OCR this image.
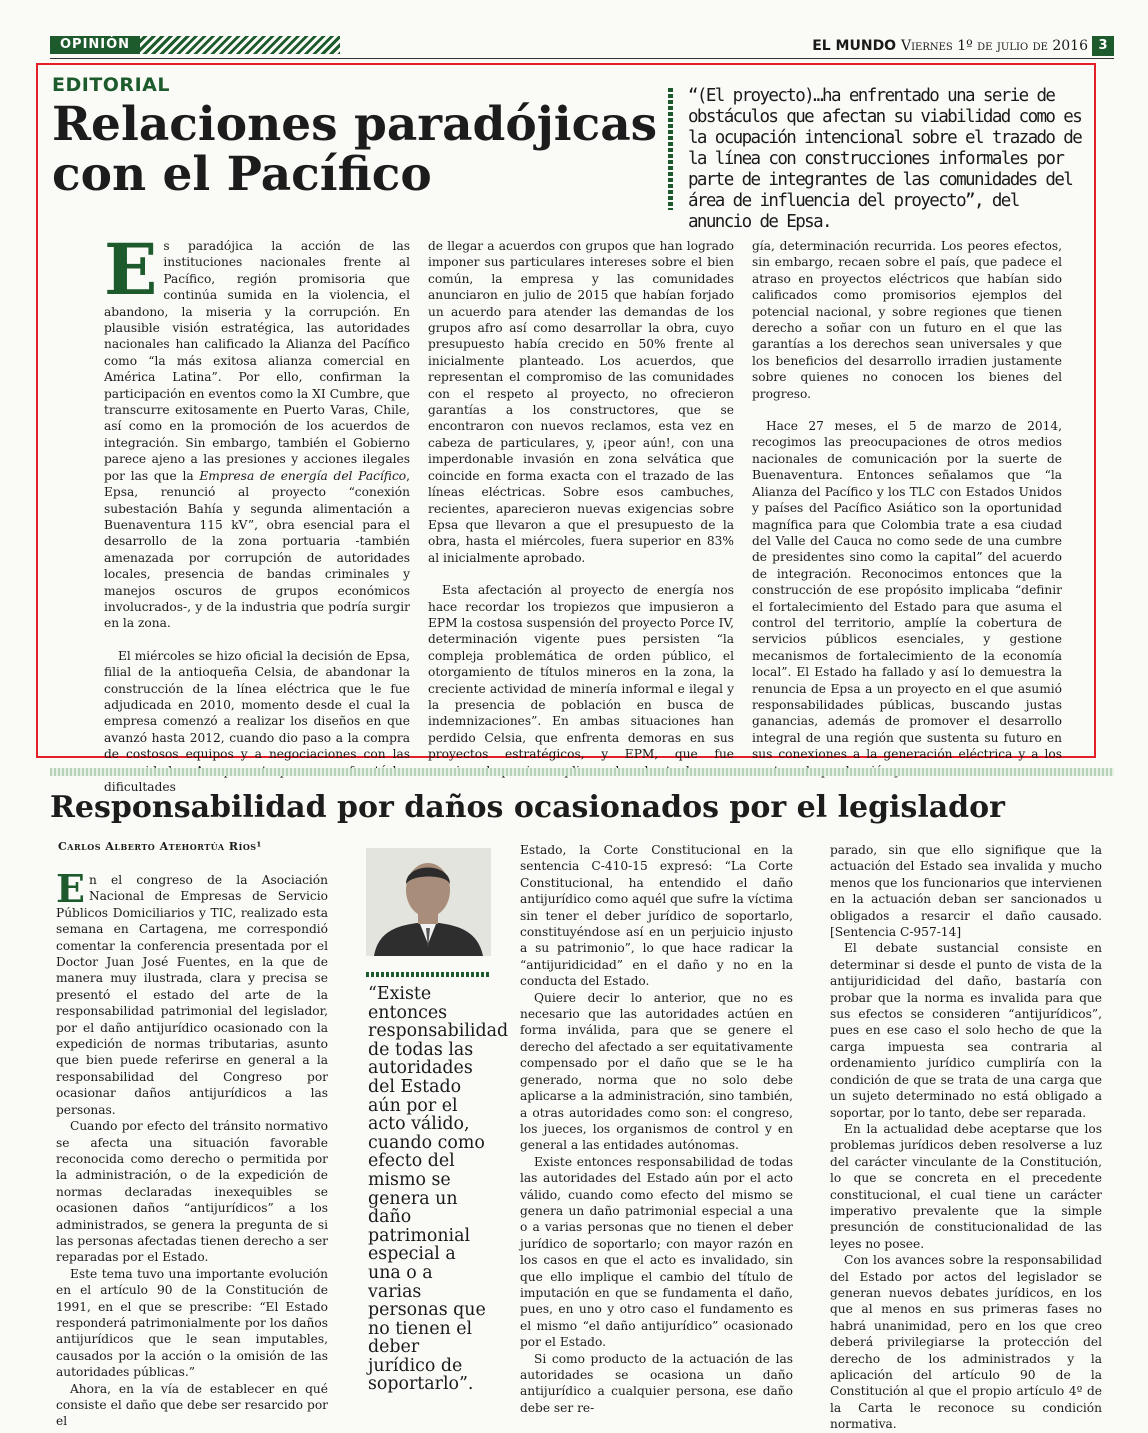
OPINIÓN	EL MUNDO Viernes 1º de julio de 2016 3
EDITORIAL
Relaciones paradójicas con el Pacífico
“(El proyecto)…ha enfrentado una serie de obstáculos que afectan su viabilidad como es la ocupación intencional sobre el trazado de la línea con construcciones informales por parte de integrantes de las comunidades del área de influencia del proyecto”, del anuncio de Epsa.
E s paradójica la acción de las instituciones nacionales frente al Pacífico, región promisoria que continúa sumida en la violencia, el abandono, la miseria y la corrupción. En plausible visión estratégica, las autoridades nacionales han calificado la Alianza del Pacífico como “la más exitosa alianza comercial en América Latina”. Por ello, confirman la participación en eventos como la XI Cumbre, que transcurre exitosamente en Puerto Varas, Chile, así como en la promoción de los acuerdos de integración. Sin embargo, también el Gobierno parece ajeno a las presiones y acciones ilegales por las que la Empresa de energía del Pacífico, Epsa, renunció al proyecto “conexión subestación Bahía y segunda alimentación a Buenaventura 115 kV”, obra esencial para el desarrollo de la zona portuaria -también amenazada por corrupción de autoridades locales, presencia de bandas criminales y manejos oscuros de grupos económicos involucrados-, y de la industria que podría surgir en la zona.

El miércoles se hizo oficial la decisión de Epsa, filial de la antioqueña Celsia, de abandonar la construcción de la línea eléctrica que le fue adjudicada en 2010, momento desde el cual la empresa comenzó a realizar los diseños en que avanzó hasta 2012, cuando dio paso a la compra de costosos equipos y a negociaciones con las dificultades

de llegar a acuerdos con grupos que han logrado imponer sus particulares intereses sobre el bien común, la empresa y las comunidades anunciaron en julio de 2015 que habían forjado un acuerdo para atender las demandas de los grupos afro así como desarrollar la obra, cuyo presupuesto había crecido en 50% frente al inicialmente planteado. Los acuerdos, que representan el compromiso de las comunidades con el respeto al proyecto, no ofrecieron garantías a los constructores, que se encontraron con nuevos reclamos, esta vez en cabeza de particulares, y, ¡peor aún!, con una imperdonable invasión en zona selvática que coincide en forma exacta con el trazado de las líneas eléctricas. Sobre esos cambuches, recientes, aparecieron nuevas exigencias sobre Epsa que llevaron a que el presupuesto de la obra, hasta el miércoles, fuera superior en 83% al inicialmente aprobado.

Esta afectación al proyecto de energía nos hace recordar los tropiezos que impusieron a EPM la costosa suspensión del proyecto Porce IV, determinación vigente pues persisten “la compleja problemática de orden público, el otorgamiento de títulos mineros en la zona, la creciente actividad de minería informal e ilegal y la presencia de población en busca de indemnizaciones”. En ambas situaciones han perdido Celsia, que enfrenta demoras en sus proyectos estratégicos, y EPM, que fue

gía, determinación recurrida. Los peores efectos, sin embargo, recaen sobre el país, que padece el atraso en proyectos eléctricos que habían sido calificados como promisorios ejemplos del potencial nacional, y sobre regiones que tienen derecho a soñar con un futuro en el que las garantías a los derechos sean universales y que los beneficios del desarrollo irradien justamente sobre quienes no conocen los bienes del progreso.

Hace 27 meses, el 5 de marzo de 2014, recogimos las preocupaciones de otros medios nacionales de comunicación por la suerte de Buenaventura. Entonces señalamos que “la Alianza del Pacífico y los TLC con Estados Unidos y países del Pacífico Asiático son la oportunidad magnífica para que Colombia trate a esa ciudad del Valle del Cauca no como sede de una cumbre de presidentes sino como la capital” del acuerdo de integración. Reconocimos entonces que la construcción de ese propósito implicaba “definir el fortalecimiento del Estado para que asuma el control del territorio, amplíe la cobertura de servicios públicos esenciales, y gestione mecanismos de fortalecimiento de la economía local”. El Estado ha fallado y así lo demuestra la renuncia de Epsa a un proyecto en el que asumió responsabilidades públicas, buscando justas ganancias, además de promover el desarrollo integral de una región que sustenta su futuro en sus conexiones a la generación eléctrica y a los

Responsabilidad por daños ocasionados por el legislador
Carlos Alberto Atehortúa Ríos¹
E n el congreso de la Asociación Nacional de Empresas de Servicio Públicos Domiciliarios y TIC, realizado esta semana en Cartagena, me correspondió comentar la conferencia presentada por el Doctor Juan José Fuentes, en la que de manera muy ilustrada, clara y precisa se presentó el estado del arte de la responsabilidad patrimonial del legislador, por el daño antijurídico ocasionado con la expedición de normas tributarias, asunto que bien puede referirse en general a la responsabilidad del Congreso por ocasionar daños antijurídicos a las personas.

Cuando por efecto del tránsito normativo se afecta una situación favorable reconocida como derecho o permitida por la administración, o de la expedición de normas declaradas inexequibles se ocasionen daños “antijurídicos” a los administrados, se genera la pregunta de si las personas afectadas tienen derecho a ser reparadas por el Estado.

Este tema tuvo una importante evolución en el artículo 90 de la Constitución de 1991, en el que se prescribe: “El Estado responderá patrimonialmente por los daños antijurídicos que le sean imputables, causados por la acción o la omisión de las autoridades públicas.”

Ahora, en la vía de establecer en qué consiste el daño que debe ser resarcido por el

“Existe entonces responsabilidad de todas las autoridades del Estado aún por el acto válido, cuando como efecto del mismo se genera un daño patrimonial especial a una o a varias personas que no tienen el deber jurídico de soportarlo”.

Estado, la Corte Constitucional en la sentencia C-410-15 expresó: “La Corte Constitucional, ha entendido el daño antijurídico como aquél que sufre la víctima sin tener el deber jurídico de soportarlo, constituyéndose así en un perjuicio injusto a su patrimonio”, lo que hace radicar la “antijuridicidad” en el daño y no en la conducta del Estado.

Quiere decir lo anterior, que no es necesario que las autoridades actúen en forma inválida, para que se genere el derecho del afectado a ser equitativamente compensado por el daño que se le ha generado, norma que no solo debe aplicarse a la administración, sino también, a otras autoridades como son: el congreso, los jueces, los organismos de control y en general a las entidades autónomas.

Existe entonces responsabilidad de todas las autoridades del Estado aún por el acto válido, cuando como efecto del mismo se genera un daño patrimonial especial a una o a varias personas que no tienen el deber jurídico de soportarlo; con mayor razón en los casos en que el acto es invalidado, sin que ello implique el cambio del título de imputación en que se fundamenta el daño, pues, en uno y otro caso el fundamento es el mismo “el daño antijurídico” ocasionado por el Estado.

Si como producto de la actuación de las autoridades se ocasiona un daño antijurídico a cualquier persona, ese daño debe ser re-

parado, sin que ello signifique que la actuación del Estado sea invalida y mucho menos que los funcionarios que intervienen en la actuación deban ser sancionados u obligados a resarcir el daño causado. [Sentencia C-957-14]

El debate sustancial consiste en determinar si desde el punto de vista de la antijuridicidad del daño, bastaría con probar que la norma es invalida para que sus efectos se consideren “antijurídicos”, pues en ese caso el solo hecho de que la carga impuesta sea contraria al ordenamiento jurídico cumpliría con la condición de que se trata de una carga que un sujeto determinado no está obligado a soportar, por lo tanto, debe ser reparada.

En la actualidad debe aceptarse que los problemas jurídicos deben resolverse a luz del carácter vinculante de la Constitución, lo que se concreta en el precedente constitucional, el cual tiene un carácter imperativo prevalente que la simple presunción de constitucionalidad de las leyes no posee.

Con los avances sobre la responsabilidad del Estado por actos del legislador se generan nuevos debates jurídicos, en los que al menos en sus primeras fases no habrá unanimidad, pero en los que creo deberá privilegiarse la protección del derecho de los administrados y la aplicación del artículo 90 de la Constitución al que el propio artículo 4º de la Carta le reconoce su condición normativa.
